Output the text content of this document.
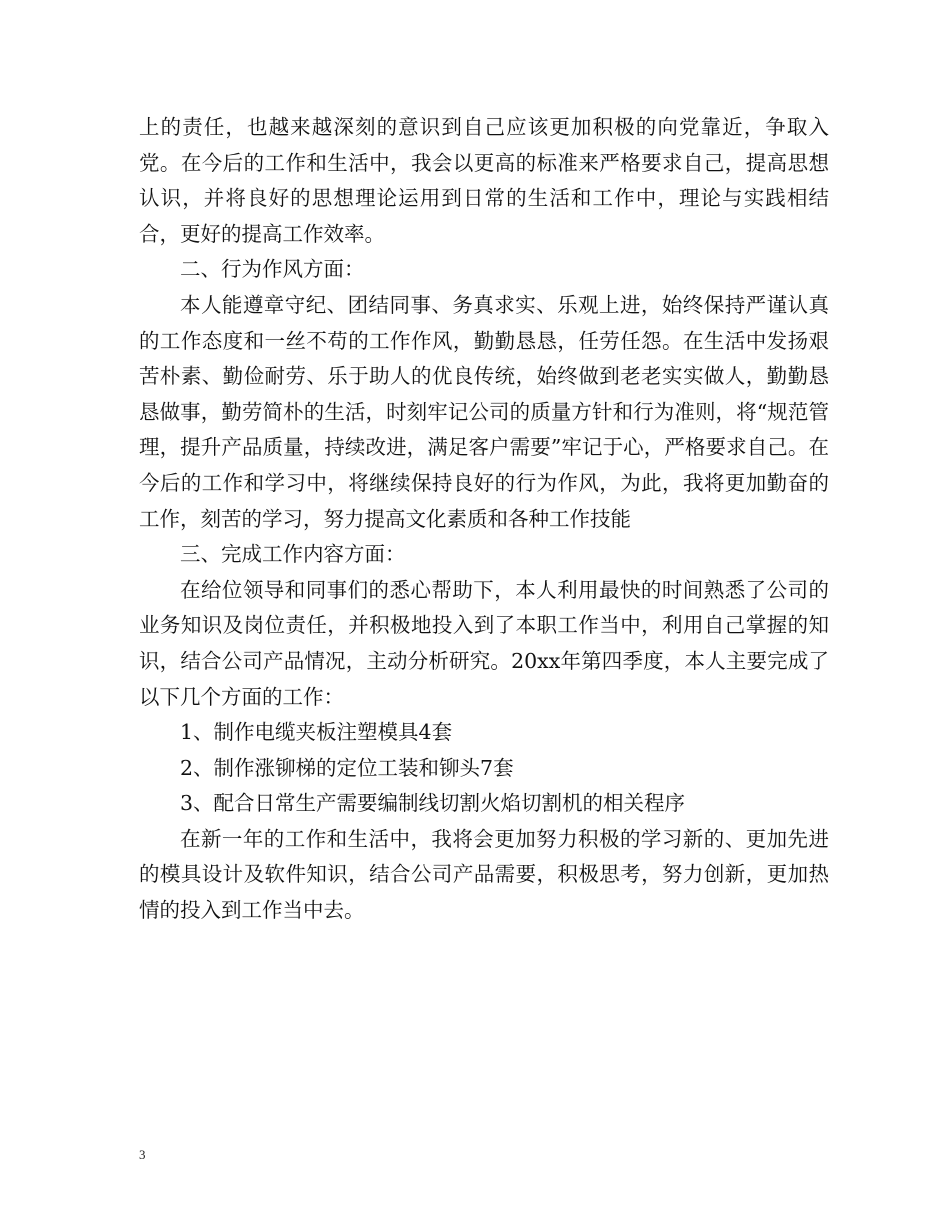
上的责任，也越来越深刻的意识到自己应该更加积极的向党靠近，争取入党。在今后的工作和生活中，我会以更高的标准来严格要求自己，提高思想认识，并将良好的思想理论运用到日常的生活和工作中，理论与实践相结合，更好的提高工作效率。

二、行为作风方面：

本人能遵章守纪、团结同事、务真求实、乐观上进，始终保持严谨认真的工作态度和一丝不苟的工作作风，勤勤恳恳，任劳任怨。在生活中发扬艰苦朴素、勤俭耐劳、乐于助人的优良传统，始终做到老老实实做人，勤勤恳恳做事，勤劳简朴的生活，时刻牢记公司的质量方针和行为准则，将“规范管理，提升产品质量，持续改进，满足客户需要”牢记于心，严格要求自己。在今后的工作和学习中，将继续保持良好的行为作风，为此，我将更加勤奋的工作，刻苦的学习，努力提高文化素质和各种工作技能

三、完成工作内容方面：

在给位领导和同事们的悉心帮助下，本人利用最快的时间熟悉了公司的业务知识及岗位责任，并积极地投入到了本职工作当中，利用自己掌握的知识，结合公司产品情况，主动分析研究。20xx年第四季度，本人主要完成了以下几个方面的工作：

1、制作电缆夹板注塑模具4套

2、制作涨铆梯的定位工装和铆头7套

3、配合日常生产需要编制线切割火焰切割机的相关程序

在新一年的工作和生活中，我将会更加努力积极的学习新的、更加先进的模具设计及软件知识，结合公司产品需要，积极思考，努力创新，更加热情的投入到工作当中去。

3
